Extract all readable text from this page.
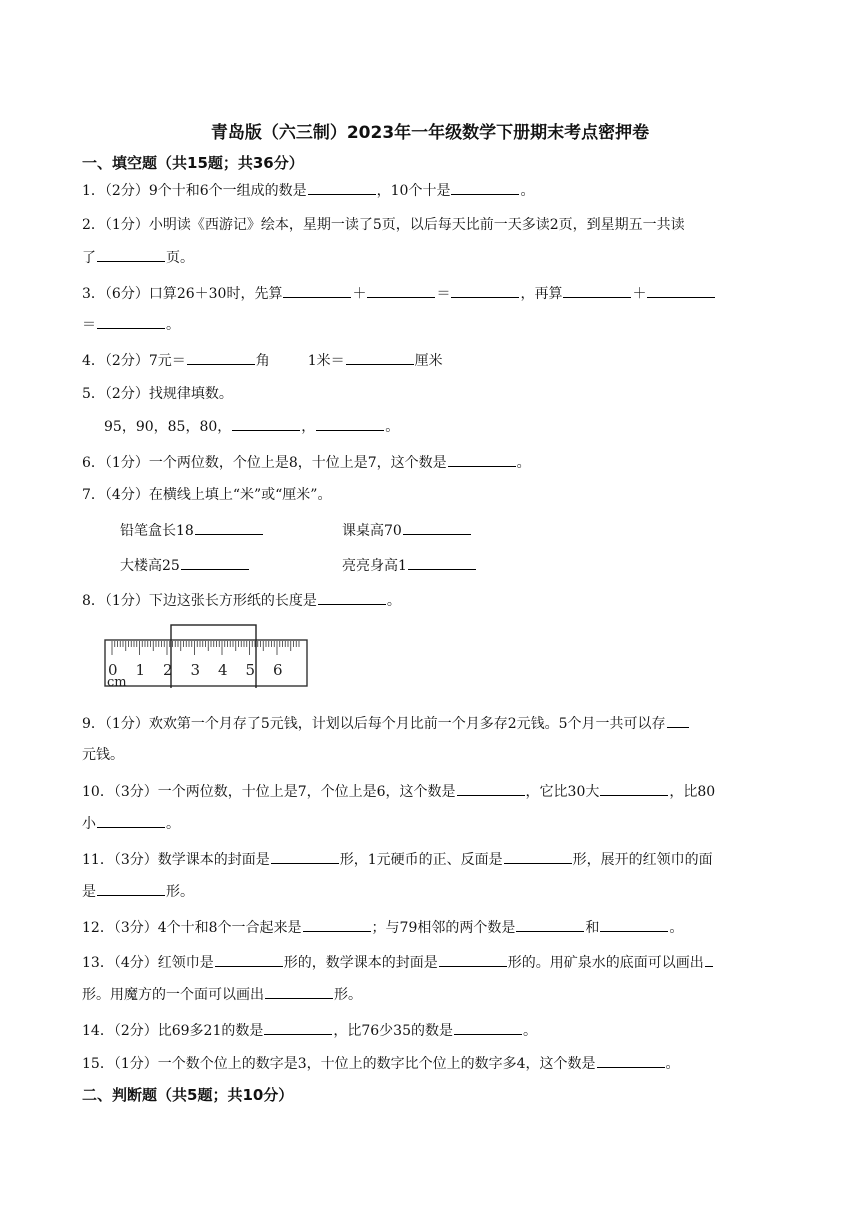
青岛版（六三制）2023年一年级数学下册期末考点密押卷
一、填空题（共15题；共36分）
1．（2分）9个十和6个一组成的数是	，10个十是	。
2．（1分）小明读《西游记》绘本，星期一读了5页，以后每天比前一天多读2页，到星期五一共读
了	页。
3．（6分）口算26＋30时，先算	＋	＝	，再算	＋
＝	。
4．（2分）7元＝	角	1米＝	厘米
5．（2分）找规律填数。
95，90，85，80，	，	。
6．（1分）一个两位数，个位上是8，十位上是7，这个数是	。
7．（4分）在横线上填上“米”或“厘米”。
铅笔盒长18	课桌高70
大楼高25	亮亮身高1
8．（1分）下边这张长方形纸的长度是	。
0 1 2 3 4 5 6
cm
9．（1分）欢欢第一个月存了5元钱，计划以后每个月比前一个月多存2元钱。5个月一共可以存
元钱。
10．（3分）一个两位数，十位上是7，个位上是6，这个数是	，它比30大	，比80
小	。
11．（3分）数学课本的封面是	形，1元硬币的正、反面是	形，展开的红领巾的面
是	形。
12．（3分）4个十和8个一合起来是	；与79相邻的两个数是	和	。
13．（4分）红领巾是	形的，数学课本的封面是	形的。用矿泉水的底面可以画出
形。用魔方的一个面可以画出	形。
14．（2分）比69多21的数是	，比76少35的数是	。
15．（1分）一个数个位上的数字是3，十位上的数字比个位上的数字多4，这个数是	。
二、判断题（共5题；共10分）
